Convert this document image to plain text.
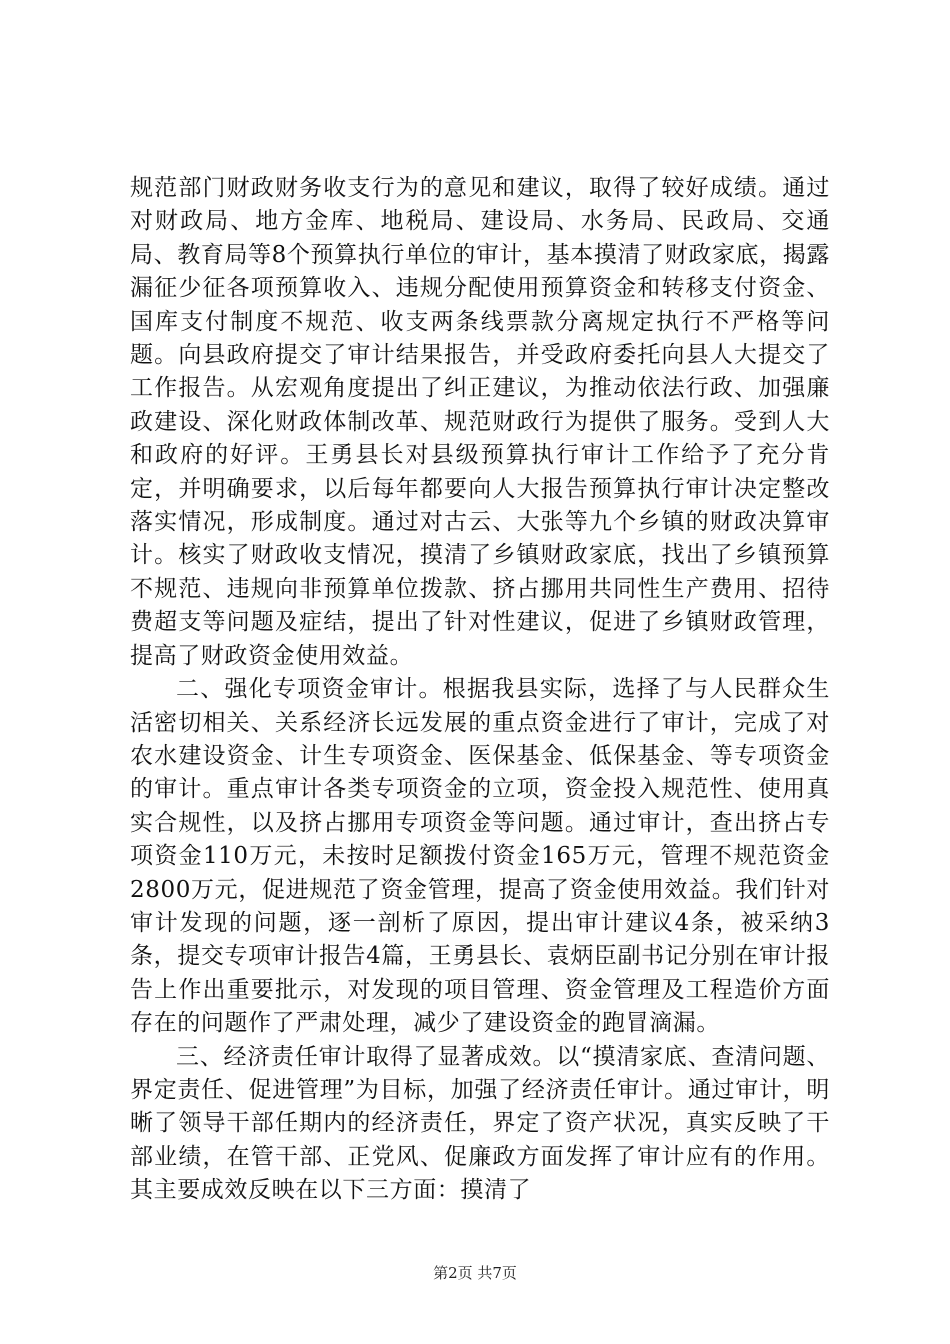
规范部门财政财务收支行为的意见和建议，取得了较好成绩。通过对财政局、地方金库、地税局、建设局、水务局、民政局、交通局、教育局等8个预算执行单位的审计，基本摸清了财政家底，揭露漏征少征各项预算收入、违规分配使用预算资金和转移支付资金、国库支付制度不规范、收支两条线票款分离规定执行不严格等问题。向县政府提交了审计结果报告，并受政府委托向县人大提交了工作报告。从宏观角度提出了纠正建议，为推动依法行政、加强廉政建设、深化财政体制改革、规范财政行为提供了服务。受到人大和政府的好评。王勇县长对县级预算执行审计工作给予了充分肯定，并明确要求，以后每年都要向人大报告预算执行审计决定整改落实情况，形成制度。通过对古云、大张等九个乡镇的财政决算审计。核实了财政收支情况，摸清了乡镇财政家底，找出了乡镇预算不规范、违规向非预算单位拨款、挤占挪用共同性生产费用、招待费超支等问题及症结，提出了针对性建议，促进了乡镇财政管理，提高了财政资金使用效益。

二、强化专项资金审计。根据我县实际，选择了与人民群众生活密切相关、关系经济长远发展的重点资金进行了审计，完成了对农水建设资金、计生专项资金、医保基金、低保基金、等专项资金的审计。重点审计各类专项资金的立项，资金投入规范性、使用真实合规性，以及挤占挪用专项资金等问题。通过审计，查出挤占专项资金110万元，未按时足额拨付资金165万元，管理不规范资金2800万元，促进规范了资金管理，提高了资金使用效益。我们针对审计发现的问题，逐一剖析了原因，提出审计建议4条，被采纳3条，提交专项审计报告4篇，王勇县长、袁炳臣副书记分别在审计报告上作出重要批示，对发现的项目管理、资金管理及工程造价方面存在的问题作了严肃处理，减少了建设资金的跑冒滴漏。

三、经济责任审计取得了显著成效。以“摸清家底、查清问题、界定责任、促进管理”为目标，加强了经济责任审计。通过审计，明晰了领导干部任期内的经济责任，界定了资产状况，真实反映了干部业绩，在管干部、正党风、促廉政方面发挥了审计应有的作用。其主要成效反映在以下三方面：摸清了

第2页 共7页
